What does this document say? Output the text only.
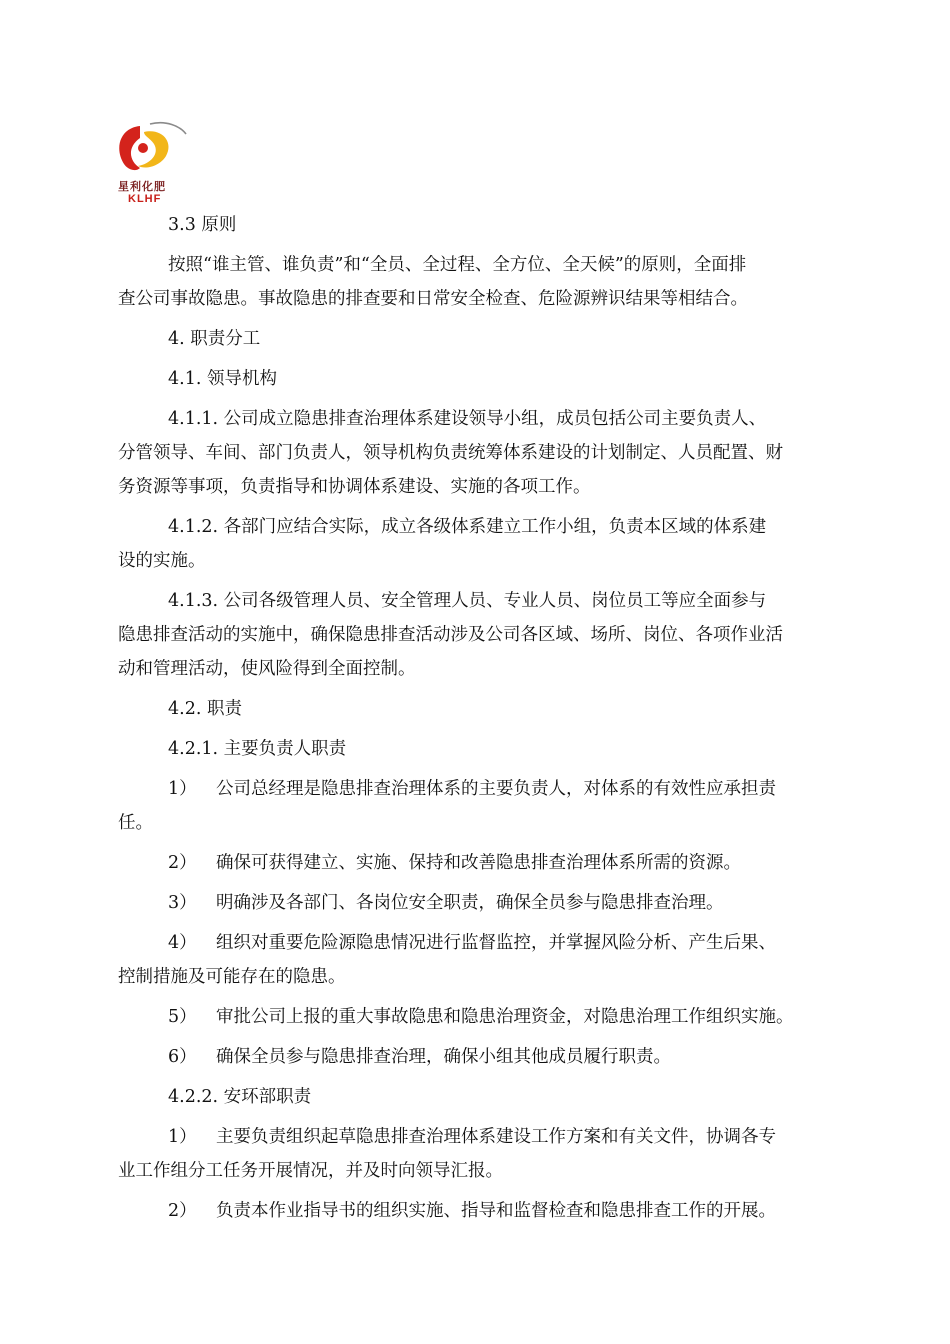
星利化肥
KLHF
3.3 原则
按照“谁主管、谁负责”和“全员、全过程、全方位、全天候”的原则，全面排
查公司事故隐患。事故隐患的排查要和日常安全检查、危险源辨识结果等相结合。
4. 职责分工
4.1. 领导机构
4.1.1. 公司成立隐患排查治理体系建设领导小组，成员包括公司主要负责人、
分管领导、车间、部门负责人，领导机构负责统筹体系建设的计划制定、人员配置、财
务资源等事项，负责指导和协调体系建设、实施的各项工作。
4.1.2. 各部门应结合实际，成立各级体系建立工作小组，负责本区域的体系建
设的实施。
4.1.3. 公司各级管理人员、安全管理人员、专业人员、岗位员工等应全面参与
隐患排查活动的实施中，确保隐患排查活动涉及公司各区域、场所、岗位、各项作业活
动和管理活动，使风险得到全面控制。
4.2. 职责
4.2.1. 主要负责人职责
1） 公司总经理是隐患排查治理体系的主要负责人，对体系的有效性应承担责
任。
2） 确保可获得建立、实施、保持和改善隐患排查治理体系所需的资源。
3） 明确涉及各部门、各岗位安全职责，确保全员参与隐患排查治理。
4） 组织对重要危险源隐患情况进行监督监控，并掌握风险分析、产生后果、
控制措施及可能存在的隐患。
5） 审批公司上报的重大事故隐患和隐患治理资金，对隐患治理工作组织实施。
6） 确保全员参与隐患排查治理，确保小组其他成员履行职责。
4.2.2. 安环部职责
1） 主要负责组织起草隐患排查治理体系建设工作方案和有关文件，协调各专
业工作组分工任务开展情况，并及时向领导汇报。
2） 负责本作业指导书的组织实施、指导和监督检查和隐患排查工作的开展。
